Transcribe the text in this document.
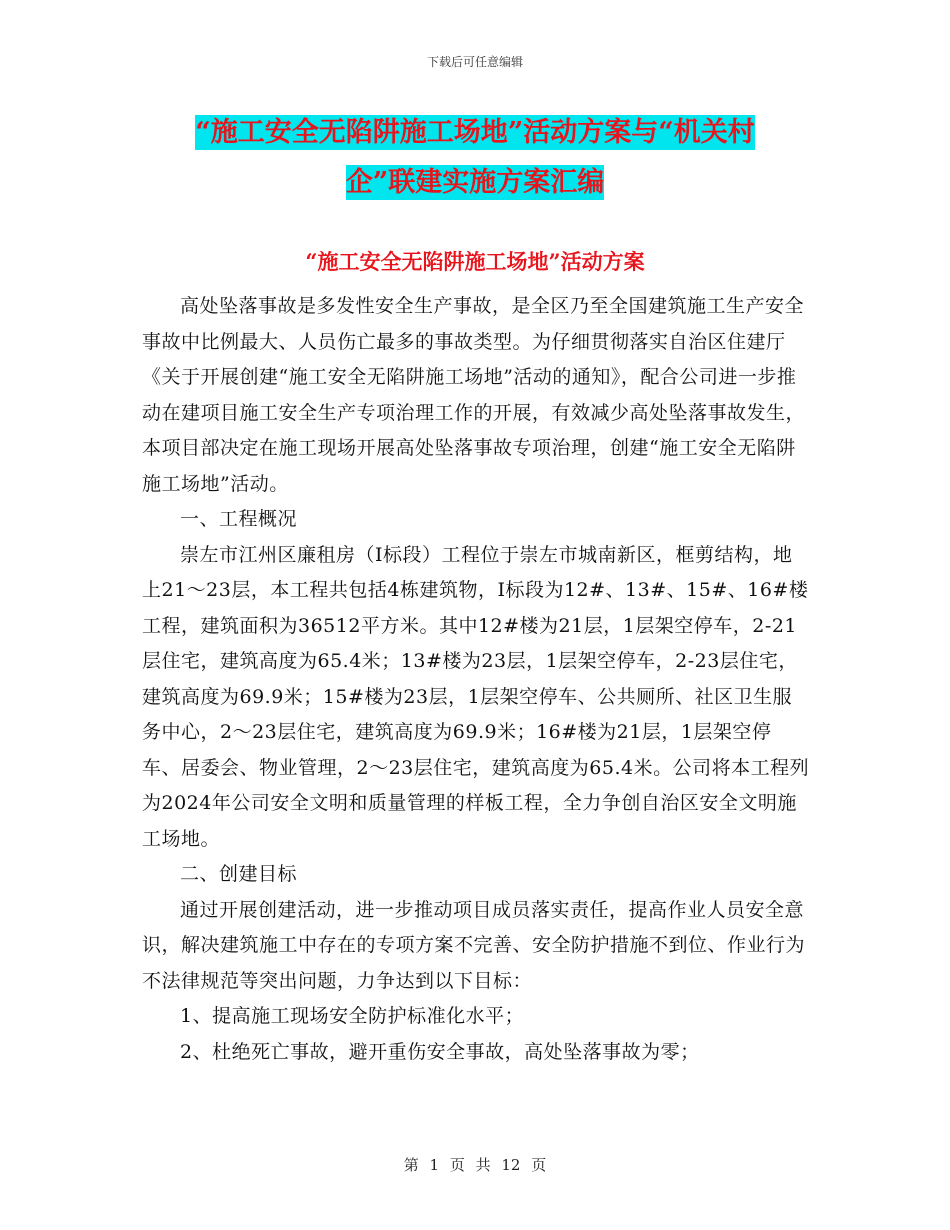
下载后可任意编辑
“施工安全无陷阱施工场地”活动方案与“机关村
企”联建实施方案汇编
“施工安全无陷阱施工场地”活动方案

高处坠落事故是多发性安全生产事故，是全区乃至全国建筑施工生产安全事故中比例最大、人员伤亡最多的事故类型。为仔细贯彻落实自治区住建厅《关于开展创建“施工安全无陷阱施工场地”活动的通知》，配合公司进一步推动在建项目施工安全生产专项治理工作的开展，有效减少高处坠落事故发生，本项目部决定在施工现场开展高处坠落事故专项治理，创建“施工安全无陷阱施工场地”活动。

一、工程概况

崇左市江州区廉租房（I标段）工程位于崇左市城南新区，框剪结构，地上21～23层，本工程共包括4栋建筑物，Ⅰ标段为12#、13#、15#、16#楼工程，建筑面积为36512平方米。其中12#楼为21层，1层架空停车，2-21层住宅，建筑高度为65.4米；13#楼为23层，1层架空停车，2-23层住宅，建筑高度为69.9米；15#楼为23层，1层架空停车、公共厕所、社区卫生服务中心，2～23层住宅，建筑高度为69.9米；16#楼为21层，1层架空停车、居委会、物业管理，2～23层住宅，建筑高度为65.4米。公司将本工程列为2024年公司安全文明和质量管理的样板工程，全力争创自治区安全文明施工场地。

二、创建目标

通过开展创建活动，进一步推动项目成员落实责任，提高作业人员安全意识，解决建筑施工中存在的专项方案不完善、安全防护措施不到位、作业行为不法律规范等突出问题，力争达到以下目标：

1、提高施工现场安全防护标准化水平；

2、杜绝死亡事故，避开重伤安全事故，高处坠落事故为零；

第 1 页 共 12 页
